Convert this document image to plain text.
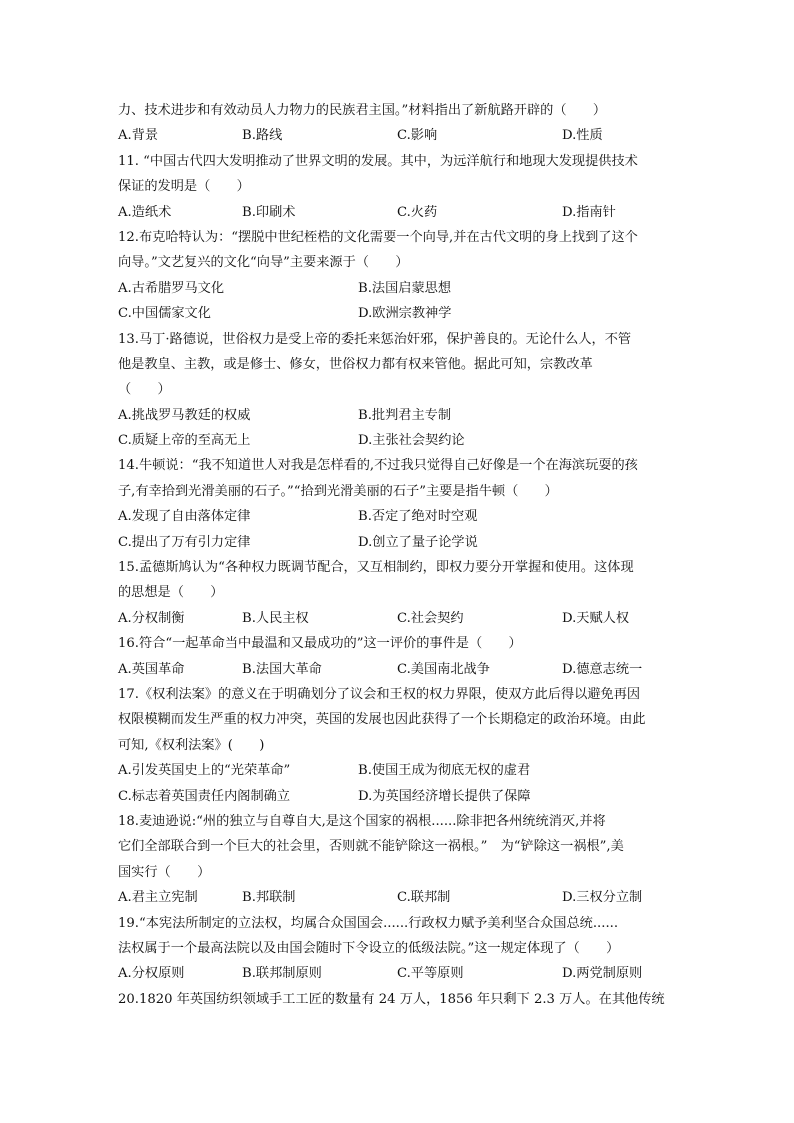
力、技术进步和有效动员人力物力的民族君主国。”材料指出了新航路开辟的（　　）
A.背景	B.路线	C.影响	D.性质
11. “中国古代四大发明推动了世界文明的发展。其中，为远洋航行和地现大发现提供技术
保证的发明是（　　）
A.造纸术	B.印刷术	C.火药	D.指南针
12.布克哈特认为：“摆脱中世纪桎梏的文化需要一个向导,并在古代文明的身上找到了这个
向导。”文艺复兴的文化“向导”主要来源于（　　）
A.古希腊罗马文化	B.法国启蒙思想
C.中国儒家文化	D.欧洲宗教神学
13.马丁·路德说，世俗权力是受上帝的委托来惩治奸邪，保护善良的。无论什么人，不管
他是教皇、主教，或是修士、修女，世俗权力都有权来管他。据此可知，宗教改革
（　　）
A.挑战罗马教廷的权威	B.批判君主专制
C.质疑上帝的至高无上	D.主张社会契约论
14.牛顿说：“我不知道世人对我是怎样看的,不过我只觉得自己好像是一个在海滨玩耍的孩
子,有幸拾到光滑美丽的石子。”“拾到光滑美丽的石子”主要是指牛顿（　　）
A.发现了自由落体定律	B.否定了绝对时空观
C.提出了万有引力定律	D.创立了量子论学说
15.孟德斯鸠认为“各种权力既调节配合，又互相制约，即权力要分开掌握和使用。这体现
的思想是（　　）
A.分权制衡	B.人民主权	C.社会契约	D.天赋人权
16.符合“一起革命当中最温和又最成功的”这一评价的事件是（　　）
A.英国革命	B.法国大革命	C.美国南北战争	D.德意志统一
17.《权利法案》的意义在于明确划分了议会和王权的权力界限，使双方此后得以避免再因
权限模糊而发生严重的权力冲突，英国的发展也因此获得了一个长期稳定的政治环境。由此
可知,《权利法案》(　　)
A.引发英国史上的“光荣革命”	B.使国王成为彻底无权的虚君
C.标志着英国责任内阁制确立	D.为英国经济增长提供了保障
18.麦迪逊说:“州的独立与自尊自大,是这个国家的祸根......除非把各州统统消灭,并将
它们全部联合到一个巨大的社会里，否则就不能铲除这一祸根。”　为“铲除这一祸根”,美
国实行（　　）
A.君主立宪制	B.邦联制	C.联邦制	D.三权分立制
19.“本宪法所制定的立法权，均属合众国国会......行政权力赋予美利坚合众国总统......
法权属于一个最高法院以及由国会随时下令设立的低级法院。”这一规定体现了（　　）
A.分权原则	B.联邦制原则	C.平等原则	D.两党制原则
20.1820 年英国纺织领域手工工匠的数量有 24 万人，1856 年只剩下 2.3 万人。在其他传统
